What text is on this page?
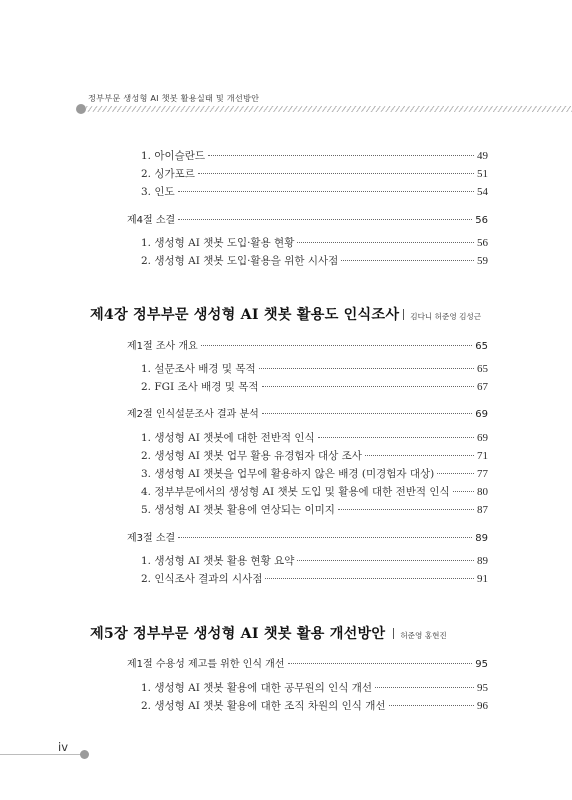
정부부문 생성형 AI 챗봇 활용실태 및 개선방안
1. 아이슬란드	49
2. 싱가포르	51
3. 인도	54
제4절 소결	56
1. 생성형 AI 챗봇 도입·활용 현황	56
2. 생성형 AI 챗봇 도입·활용을 위한 시사점	59
제4장 정부부문 생성형 AI 챗봇 활용도 인식조사 김다니 허준영 김성근
제1절 조사 개요	65
1. 설문조사 배경 및 목적	65
2. FGI 조사 배경 및 목적	67
제2절 인식설문조사 결과 분석	69
1. 생성형 AI 챗봇에 대한 전반적 인식	69
2. 생성형 AI 챗봇 업무 활용 유경험자 대상 조사	71
3. 생성형 AI 챗봇을 업무에 활용하지 않은 배경 (미경험자 대상)	77
4. 정부부문에서의 생성형 AI 챗봇 도입 및 활용에 대한 전반적 인식 80
5. 생성형 AI 챗봇 활용에 연상되는 이미지	87
제3절 소결	89
1. 생성형 AI 챗봇 활용 현황 요약	89
2. 인식조사 결과의 시사점	91
제5장 정부부문 생성형 AI 챗봇 활용 개선방안 허준영 홍현진
제1절 수용성 제고를 위한 인식 개선	95
1. 생성형 AI 챗봇 활용에 대한 공무원의 인식 개선	95
2. 생성형 AI 챗봇 활용에 대한 조직 차원의 인식 개선	96
iv
